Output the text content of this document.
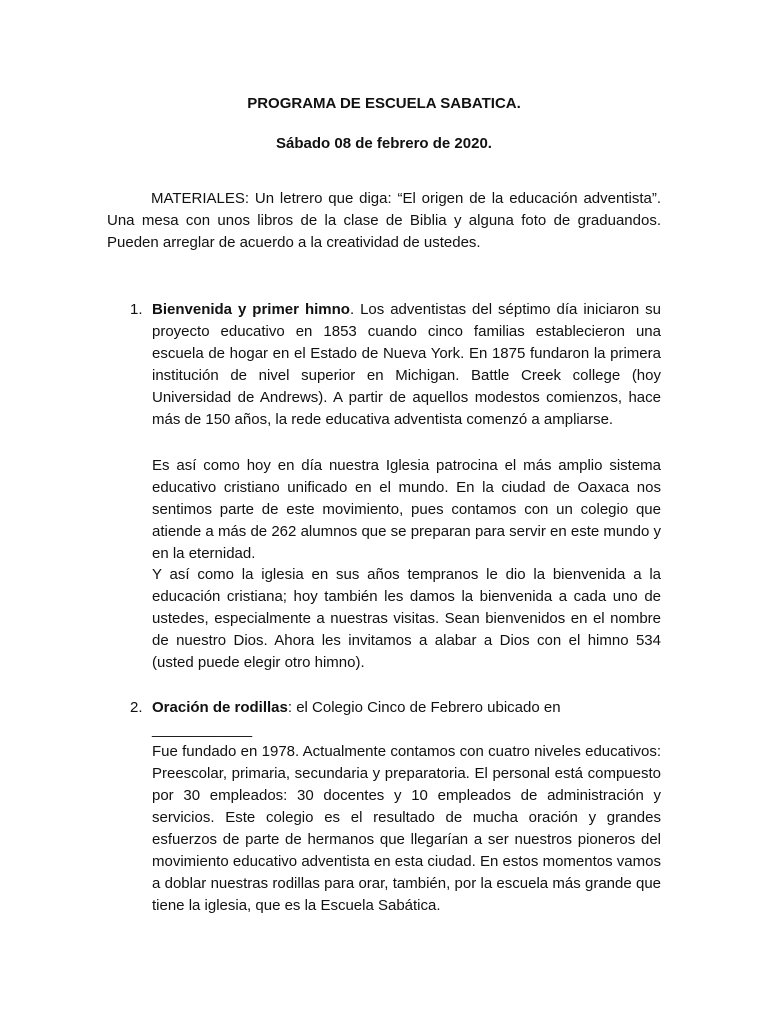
PROGRAMA DE ESCUELA SABATICA.

Sábado 08 de febrero de 2020.

MATERIALES: Un letrero que diga: “El origen de la educación adventista”. Una mesa con unos libros de la clase de Biblia y alguna foto de graduandos. Pueden arreglar de acuerdo a la creatividad de ustedes.

1. Bienvenida y primer himno. Los adventistas del séptimo día iniciaron su proyecto educativo en 1853 cuando cinco familias establecieron una escuela de hogar en el Estado de Nueva York. En 1875 fundaron la primera institución de nivel superior en Michigan. Battle Creek college (hoy Universidad de Andrews). A partir de aquellos modestos comienzos, hace más de 150 años, la rede educativa adventista comenzó a ampliarse.

Es así como hoy en día nuestra Iglesia patrocina el más amplio sistema educativo cristiano unificado en el mundo. En la ciudad de Oaxaca nos sentimos parte de este movimiento, pues contamos con un colegio que atiende a más de 262 alumnos que se preparan para servir en este mundo y en la eternidad.

Y así como la iglesia en sus años tempranos le dio la bienvenida a la educación cristiana; hoy también les damos la bienvenida a cada uno de ustedes, especialmente a nuestras visitas. Sean bienvenidos en el nombre de nuestro Dios. Ahora les invitamos a alabar a Dios con el himno 534 (usted puede elegir otro himno).

2. Oración de rodillas: el Colegio Cinco de Febrero ubicado en ____________
Fue fundado en 1978. Actualmente contamos con cuatro niveles educativos: Preescolar, primaria, secundaria y preparatoria. El personal está compuesto por 30 empleados: 30 docentes y 10 empleados de administración y servicios. Este colegio es el resultado de mucha oración y grandes esfuerzos de parte de hermanos que llegarían a ser nuestros pioneros del movimiento educativo adventista en esta ciudad. En estos momentos vamos a doblar nuestras rodillas para orar, también, por la escuela más grande que tiene la iglesia, que es la Escuela Sabática.
